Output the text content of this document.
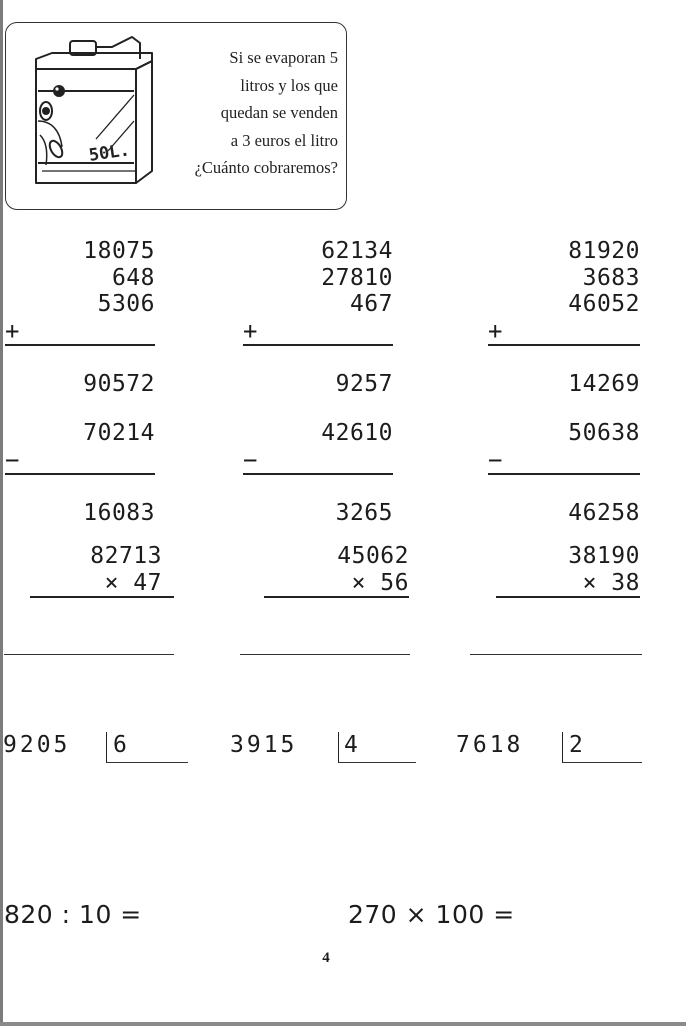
50L.
Si se evaporan 5
litros y los que
quedan se venden
a 3 euros el litro
¿Cuánto cobraremos?
18075
648
5306

+

90572

62134
27810
467

+

9257

81920
3683
46052

+

14269

70214

−

16083

42610

−

3265

50638

−

46258

82713
× 47
45062
× 56
38190
× 38
9205 6	3915 4	7618 2
820 : 10 =	270 × 100 =
4
